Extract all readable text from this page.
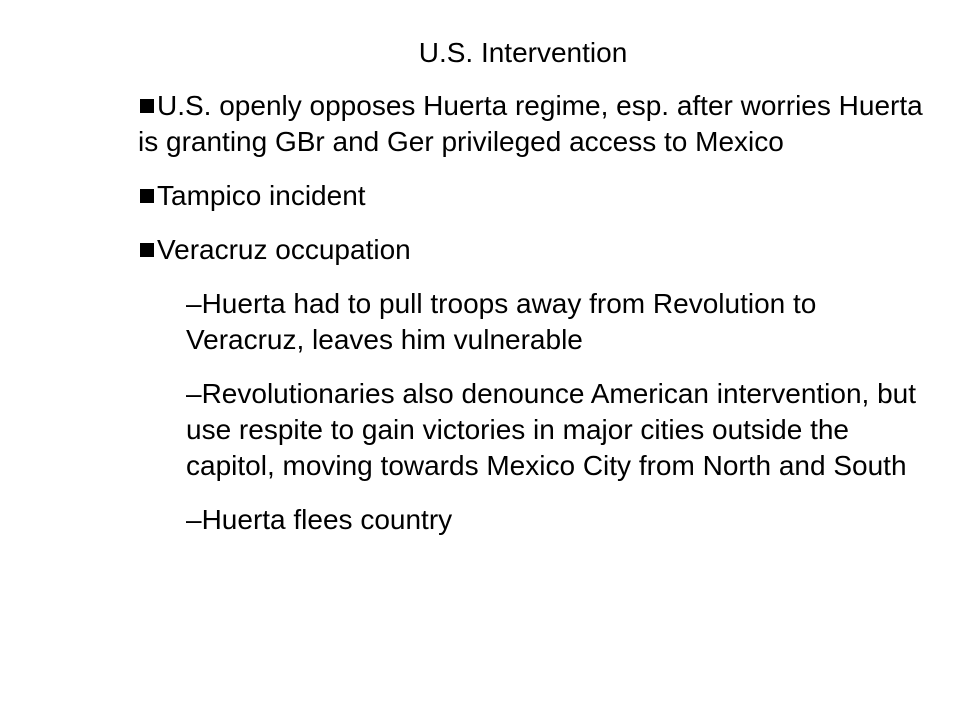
U.S. Intervention
U.S. openly opposes Huerta regime, esp. after worries Huerta is granting GBr and Ger privileged access to Mexico
Tampico incident
Veracruz occupation
–Huerta had to pull troops away from Revolution to Veracruz, leaves him vulnerable
–Revolutionaries also denounce American intervention, but use respite to gain victories in major cities outside the capitol, moving towards Mexico City from North and South
–Huerta flees country
